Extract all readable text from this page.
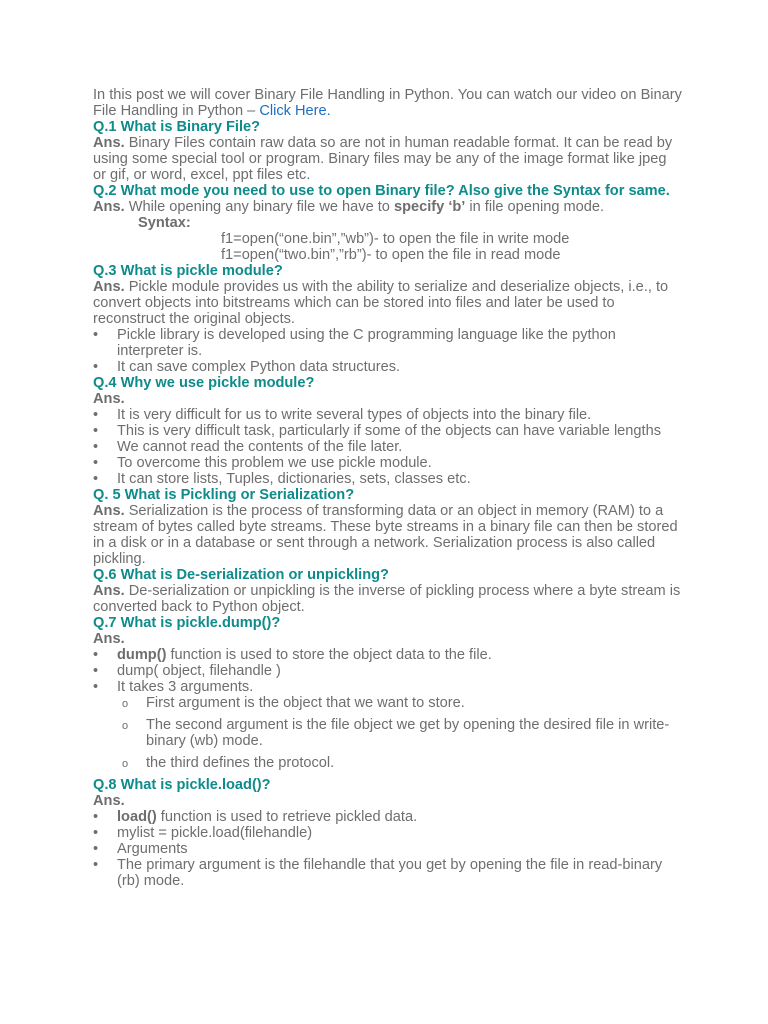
In this post we will cover Binary File Handling in Python. You can watch our video on Binary File Handling in Python – Click Here.

Q.1 What is Binary File?

Ans. Binary Files contain raw data so are not in human readable format. It can be read by using some special tool or program. Binary files may be any of the image format like jpeg or gif, or word, excel, ppt files etc.

Q.2 What mode you need to use to open Binary file? Also give the Syntax for same.

Ans. While opening any binary file we have to specify ‘b’ in file opening mode.

Syntax:

f1=open(“one.bin”,”wb”)- to open the file in write mode

f1=open(“two.bin”,”rb”)- to open the file in read mode

Q.3 What is pickle module?

Ans. Pickle module provides us with the ability to serialize and deserialize objects, i.e., to convert objects into bitstreams which can be stored into files and later be used to reconstruct the original objects.

• Pickle library is developed using the C programming language like the python interpreter is.
• It can save complex Python data structures.

Q.4 Why we use pickle module?

Ans.

• It is very difficult for us to write several types of objects into the binary file.
• This is very difficult task, particularly if some of the objects can have variable lengths
• We cannot read the contents of the file later.
• To overcome this problem we use pickle module.
• It can store lists, Tuples, dictionaries, sets, classes etc.

Q. 5 What is Pickling or Serialization?

Ans. Serialization is the process of transforming data or an object in memory (RAM) to a stream of bytes called byte streams. These byte streams in a binary file can then be stored in a disk or in a database or sent through a network. Serialization process is also called pickling.

Q.6 What is De-serialization or unpickling?

Ans. De-serialization or unpickling is the inverse of pickling process where a byte stream is converted back to Python object.

Q.7 What is pickle.dump()?

Ans.

• dump() function is used to store the object data to the file.
• dump( object, filehandle )
• It takes 3 arguments.
o First argument is the object that we want to store.
o The second argument is the file object we get by opening the desired file in write-binary (wb) mode.
o the third defines the protocol.

Q.8 What is pickle.load()?

Ans.

• load() function is used to retrieve pickled data.
• mylist = pickle.load(filehandle)
• Arguments
• The primary argument is the filehandle that you get by opening the file in read-binary (rb) mode.
